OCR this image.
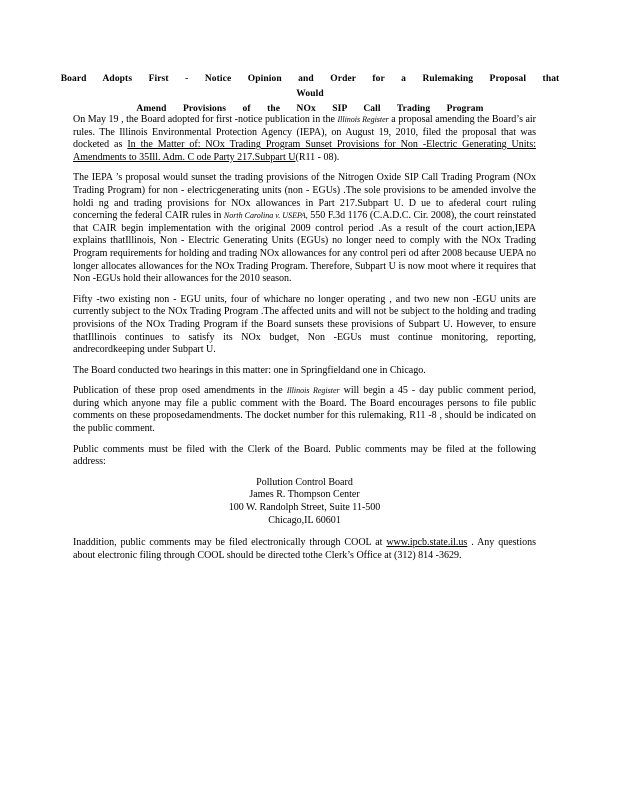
Board Adopts First - Notice Opinion and Order for a Rulemaking Proposal that Would
Amend Provisions of the NOx SIP Call Trading Program

On May 19 , the Board adopted for first -notice publication in the Illinois Register a proposal amending the Board’s air rules. The Illinois Environmental Protection Agency (IEPA), on August 19, 2010, filed the proposal that was docketed as In the Matter of: NOx Trading Program Sunset Provisions for Non -Electric Generating Units: Amendments to 35Ill. Adm. C ode Party 217.Subpart U(R11 - 08).

The IEPA ’s proposal would sunset the trading provisions of the Nitrogen Oxide SIP Call Trading Program (NOx Trading Program) for non - electricgenerating units (non - EGUs) .The sole provisions to be amended involve the holdi ng and trading provisions for NOx allowances in Part 217.Subpart U. D ue to afederal court ruling concerning the federal CAIR rules in North Carolina v. USEPA, 550 F.3d 1176 (C.A.D.C. Cir. 2008), the court reinstated that CAIR begin implementation with the original 2009 control period .As a result of the court action,IEPA explains thatIllinois, Non - Electric Generating Units (EGUs) no longer need to comply with the NOx Trading Program requirements for holding and trading NOx allowances for any control peri od after 2008 because UEPA no longer allocates allowances for the NOx Trading Program. Therefore, Subpart U is now moot where it requires that Non -EGUs hold their allowances for the 2010 season.

Fifty -two existing non - EGU units, four of whichare no longer operating , and two new non -EGU units are currently subject to the NOx Trading Program .The affected units and will not be subject to the holding and trading provisions of the NOx Trading Program if the Board sunsets these provisions of Subpart U. However, to ensure thatIllinois continues to satisfy its NOx budget, Non -EGUs must continue monitoring, reporting, andrecordkeeping under Subpart U.

The Board conducted two hearings in this matter: one in Springfieldand one in Chicago.

Publication of these prop osed amendments in the Illinois Register will begin a 45 - day public comment period, during which anyone may file a public comment with the Board. The Board encourages persons to file public comments on these proposedamendments. The docket number for this rulemaking, R11 -8 , should be indicated on the public comment.

Public comments must be filed with the Clerk of the Board. Public comments may be filed at the following address:

Pollution Control Board
James R. Thompson Center
100 W. Randolph Street, Suite 11-500
Chicago,IL 60601

Inaddition, public comments may be filed electronically through COOL at www.ipcb.state.il.us . Any questions about electronic filing through COOL should be directed tothe Clerk’s Office at (312) 814 -3629.
